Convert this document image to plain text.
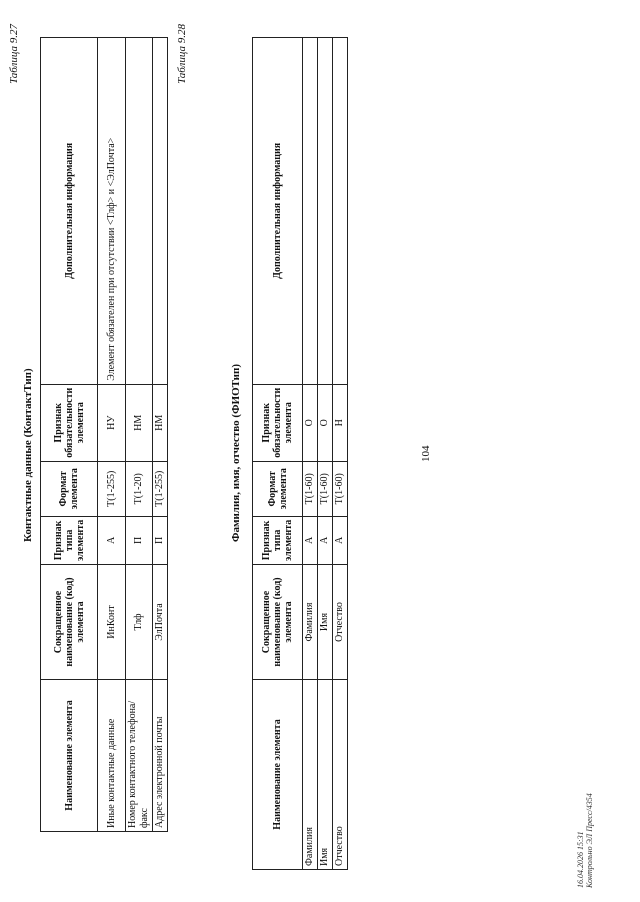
104
Таблица 9.27
Контактные данные (КонтактТип)
Наименование элемента	Сокращенное наименование (код) элемента	Признак типа элемента	Формат элемента	Признак обязательности элемента	Дополнительная информация
Иные контактные данные	ИнКонт	А	T(1-255)	НУ	Элемент обязателен при отсутствии <Тлф> и <ЭлПочта>
Номер контактного телефона/факс	Тлф	П	T(1-20)	НМ	
Адрес электронной почты	ЭлПочта	П	T(1-255)	НМ	
Таблица 9.28
Фамилия, имя, отчество (ФИОТип)
Наименование элемента	Сокращенное наименование (код) элемента	Признак типа элемента	Формат элемента	Признак обязательности элемента	Дополнительная информация
Фамилия	Фамилия	А	T(1-60)	О	
Имя	Имя	А	T(1-60)	О	
Отчество	Отчество	А	T(1-60)	Н	
16.04.2026 15:31 Контрольно ЭЛ Пресс/4354
